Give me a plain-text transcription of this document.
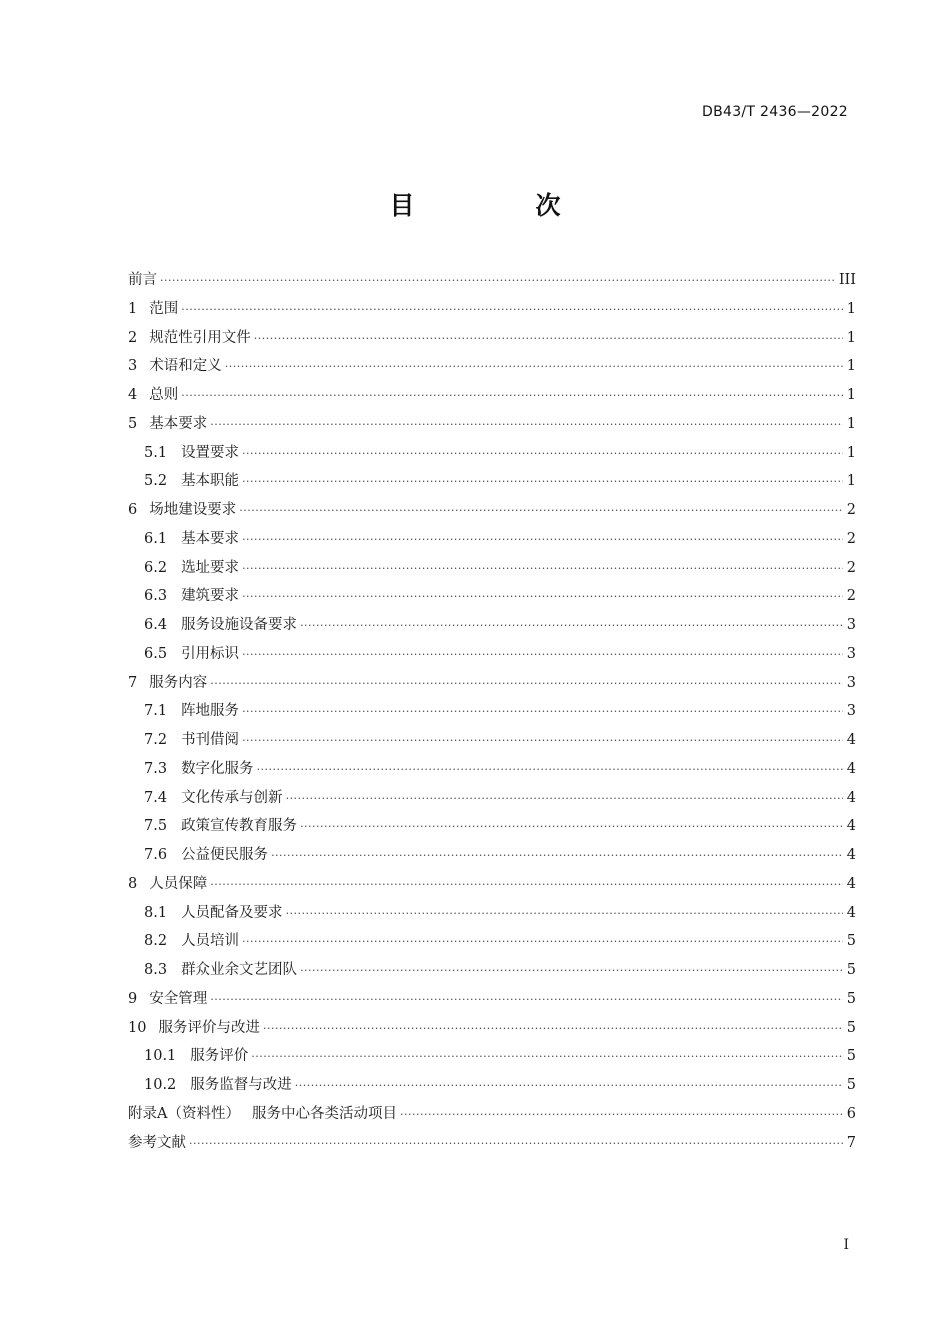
DB43/T 2436—2022
目　次
前言 ·····	III
1 范围 ·····	1
2 规范性引用文件 ·····	1
3 术语和定义 ·····	1
4 总则 ·····	1
5 基本要求 ·····	1
5.1 设置要求 ·····	1
5.2 基本职能 ·····	1
6 场地建设要求 ·····	2
6.1 基本要求 ·····	2
6.2 选址要求 ·····	2
6.3 建筑要求 ·····	2
6.4 服务设施设备要求 ·····	3
6.5 引用标识 ·····	3
7 服务内容 ·····	3
7.1 阵地服务 ·····	3
7.2 书刊借阅 ·····	4
7.3 数字化服务 ·····	4
7.4 文化传承与创新 ·····	4
7.5 政策宣传教育服务 ·····	4
7.6 公益便民服务 ·····	4
8 人员保障 ·····	4
8.1 人员配备及要求 ·····	4
8.2 人员培训 ·····	5
8.3 群众业余文艺团队 ·····	5
9 安全管理 ·····	5
10 服务评价与改进 ·····	5
10.1 服务评价 ·····	5
10.2 服务监督与改进 ·····	5
附录A（资料性） 服务中心各类活动项目 ·····	6
参考文献 ·····	7
I
